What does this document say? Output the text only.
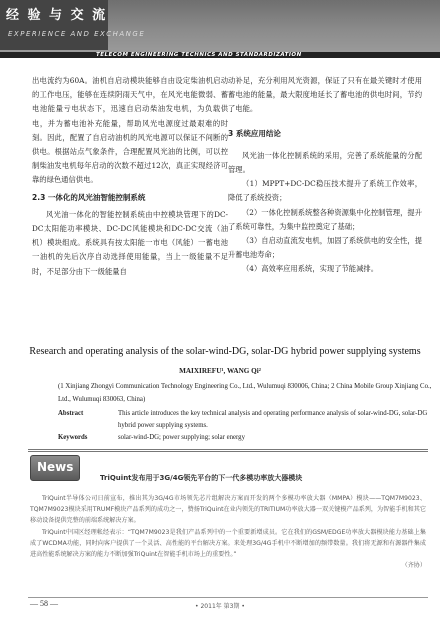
经 验 与 交 流
EXPERIENCE AND EXCHANGE
TELECOM ENGINEERING TECHNICS AND STANDARDIZATION

出电流约为60A。油机自启动模块能够自由设定柴油机启动的工作电压，能够在连续阴雨天气中，在风光电能微弱、蓄电池能量亏电状态下，迅速自启动柴油发电机，为负载供电，并为蓄电池补充能量，帮助风光电源度过最艰难的时刻。因此，配置了自启动油机的风光电源可以保证不间断的供电。根据站点气象条件，合理配置风光油的比例，可以控制柴油发电机每年启动的次数不超过12次，真正实现经济可靠的绿色通信供电。

2.3 一体化的风光油智能控制系统

风光油一体化的智能控制系统由中控模块管理下的DC-DC太阳能功率模块、DC-DC风能模块和DC-DC交流（油机）模块组成。系统具有按太阳能一市电（风能）一蓄电池一油机的先后次序自动选择使用能量，当上一级能量不足时，不足部分由下一级能量自

动补足，充分利用风光资源，保证了只有在最关键时才使用蓄电池的能量，最大限度地延长了蓄电池的供电时间，节约了电能。

3 系统应用结论

风光油一体化控制系统的采用，完善了系统能量的分配管理。

（1）MPPT+DC-DC稳压技术提升了系统工作效率，降低了系统投资；

（2）一体化控制系统整各种资源集中化控制管理，提升了系统可靠性，为集中监控奠定了基础；

（3）自启动直流发电机，加固了系统供电的安全性，提升蓄电池寿命；

（4）高效率应用系统，实现了节能减排。

Research and operating analysis of the solar-wind-DG, solar-DG hybrid power supplying systems
MAIXIREFU¹, WANG Qi²
(1 Xinjiang Zhongyi Communication Technology Engineering Co., Ltd., Wulumuqi 830006, China; 2 China Mobile Group Xinjiang Co., Ltd., Wulumuqi 830063, China)
Abstract	This article introduces the key technical analysis and operating performance analysis of solar-wind-DG, solar-DG hybrid power supplying systems.
Keywords	solar-wind-DG; power supplying; solar energy
News
TriQuint发布用于3G/4G领先平台的下一代多模功率放大器模块

TriQuint半导体公司日前宣布，推出其为3G/4G市场领先芯片组解决方案而开发的两个多模功率放大器（MMPA）模块——TQM7M9023、TQM7M9023模块采用TRUMF模块产品系列的成功之一，赞扬TriQuint在业内领先的TRITIUM功率放大器一双关键模产品系列，为智能手机和其它移动设备提供完整的前端系统解决方案。

TriQuint中国区经理帐经表示：“TQM7M9023是我们产品系列中的一个重要新增成员。它在我们的GSM/EDGE功率放大器模块能力基础上集成了WCDMA功能，同时向客户提供了一个灵活、高性能的平台解决方案。来处理3G/4G手机中不断增加的频带数量。我们将无源和有源器件集成进高性能系统解决方案的能力不断加强TriQuint在智能手机市场上的重要性。”

（齐协）

— 58 —	• 2011年 第3期 •
